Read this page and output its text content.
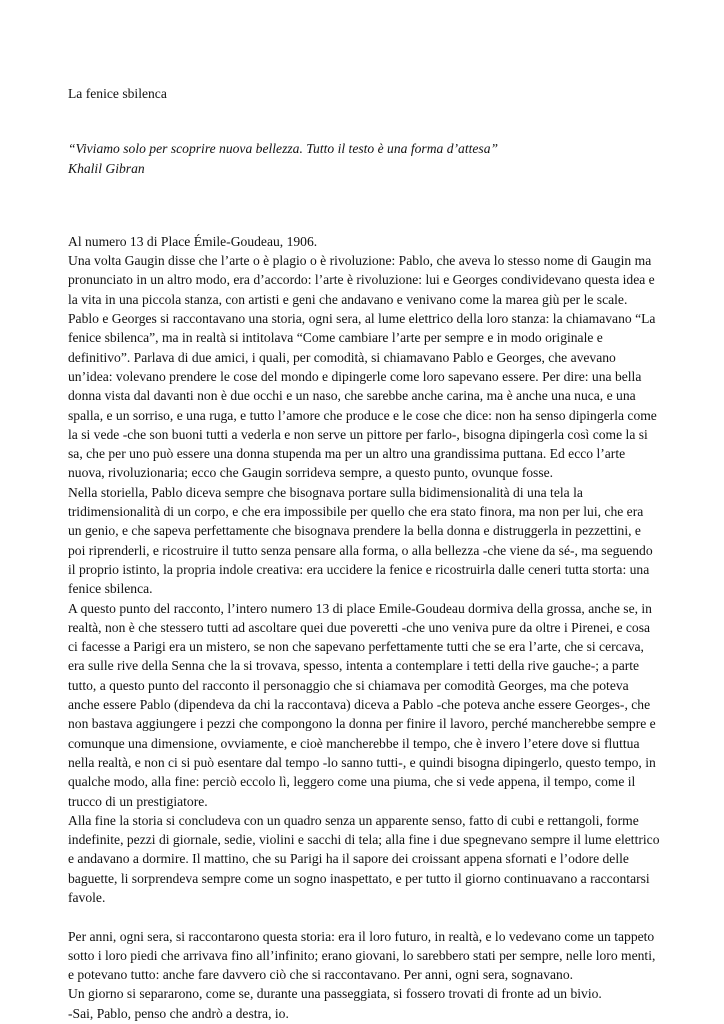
La fenice sbilenca
“Viviamo solo per scoprire nuova bellezza. Tutto il testo è una forma d’attesa”
Khalil Gibran

Al numero 13 di Place Émile-Goudeau, 1906.

Una volta Gaugin disse che l’arte o è plagio o è rivoluzione: Pablo, che aveva lo stesso nome di Gaugin ma pronunciato in un altro modo, era d’accordo: l’arte è rivoluzione: lui e Georges condividevano questa idea e la vita in una piccola stanza, con artisti e geni che andavano e venivano come la marea giù per le scale. Pablo e Georges si raccontavano una storia, ogni sera, al lume elettrico della loro stanza: la chiamavano “La fenice sbilenca”, ma in realtà si intitolava “Come cambiare l’arte per sempre e in modo originale e definitivo”. Parlava di due amici, i quali, per comodità, si chiamavano Pablo e Georges, che avevano un’idea: volevano prendere le cose del mondo e dipingerle come loro sapevano essere. Per dire: una bella donna vista dal davanti non è due occhi e un naso, che sarebbe anche carina, ma è anche una nuca, e una spalla, e un sorriso, e una ruga, e tutto l’amore che produce e le cose che dice: non ha senso dipingerla come la si vede -che son buoni tutti a vederla e non serve un pittore per farlo-, bisogna dipingerla così come la si sa, che per uno può essere una donna stupenda ma per un altro una grandissima puttana. Ed ecco l’arte nuova, rivoluzionaria; ecco che Gaugin sorrideva sempre, a questo punto, ovunque fosse.

Nella storiella, Pablo diceva sempre che bisognava portare sulla bidimensionalità di una tela la tridimensionalità di un corpo, e che era impossibile per quello che era stato finora, ma non per lui, che era un genio, e che sapeva perfettamente che bisognava prendere la bella donna e distruggerla in pezzettini, e poi riprenderli, e ricostruire il tutto senza pensare alla forma, o alla bellezza -che viene da sé-, ma seguendo il proprio istinto, la propria indole creativa: era uccidere la fenice e ricostruirla dalle ceneri tutta storta: una fenice sbilenca.

A questo punto del racconto, l’intero numero 13 di place Emile-Goudeau dormiva della grossa, anche se, in realtà, non è che stessero tutti ad ascoltare quei due poveretti -che uno veniva pure da oltre i Pirenei, e cosa ci facesse a Parigi era un mistero, se non che sapevano perfettamente tutti che se era l’arte, che si cercava, era sulle rive della Senna che la si trovava, spesso, intenta a contemplare i tetti della rive gauche-; a parte tutto, a questo punto del racconto il personaggio che si chiamava per comodità Georges, ma che poteva anche essere Pablo (dipendeva da chi la raccontava) diceva a Pablo -che poteva anche essere Georges-, che non bastava aggiungere i pezzi che compongono la donna per finire il lavoro, perché mancherebbe sempre e comunque una dimensione, ovviamente, e cioè mancherebbe il tempo, che è invero l’etere dove si fluttua nella realtà, e non ci si può esentare dal tempo -lo sanno tutti-, e quindi bisogna dipingerlo, questo tempo, in qualche modo, alla fine: perciò eccolo lì, leggero come una piuma, che si vede appena, il tempo, come il trucco di un prestigiatore.

Alla fine la storia si concludeva con un quadro senza un apparente senso, fatto di cubi e rettangoli, forme indefinite, pezzi di giornale, sedie, violini e sacchi di tela; alla fine i due spegnevano sempre il lume elettrico e andavano a dormire. Il mattino, che su Parigi ha il sapore dei croissant appena sfornati e l’odore delle baguette, li sorprendeva sempre come un sogno inaspettato, e per tutto il giorno continuavano a raccontarsi favole.

Per anni, ogni sera, si raccontarono questa storia: era il loro futuro, in realtà, e lo vedevano come un tappeto sotto i loro piedi che arrivava fino all’infinito; erano giovani, lo sarebbero stati per sempre, nelle loro menti, e potevano tutto: anche fare davvero ciò che si raccontavano. Per anni, ogni sera, sognavano.

Un giorno si separarono, come se, durante una passeggiata, si fossero trovati di fronte ad un bivio.

-Sai, Pablo, penso che andrò a destra, io.
